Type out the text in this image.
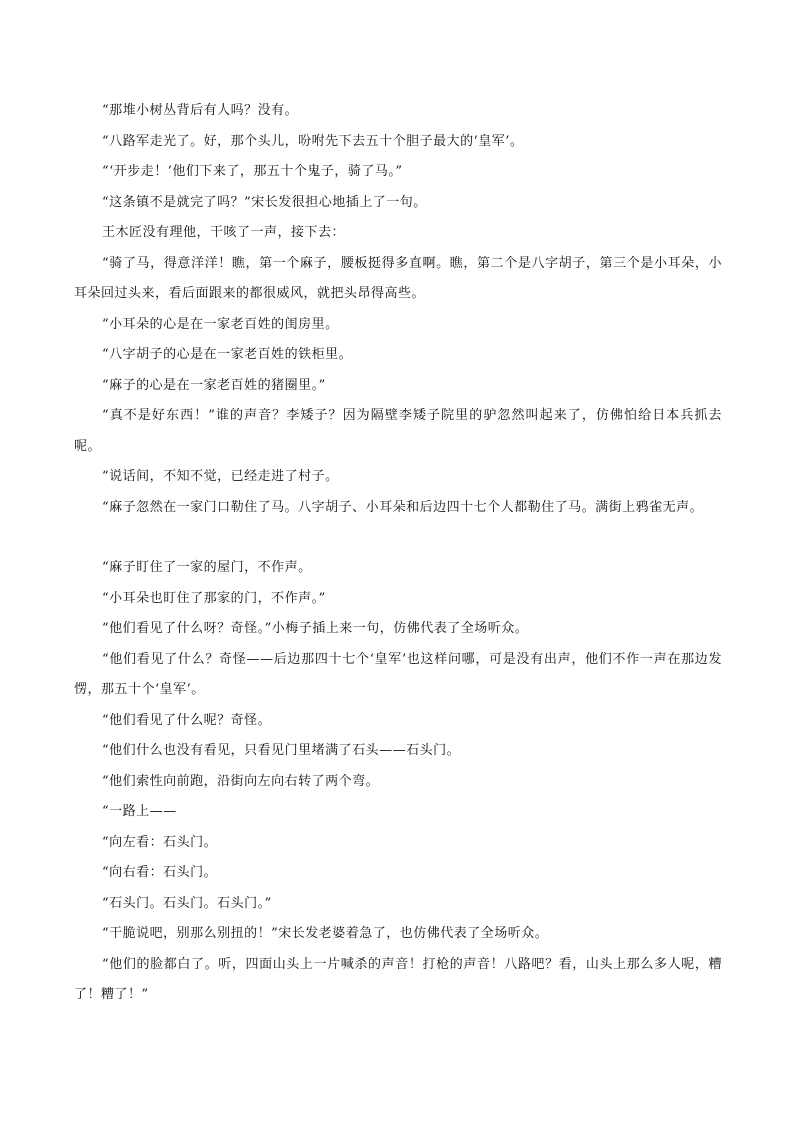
“那堆小树丛背后有人吗？没有。

“八路军走光了。好，那个头儿，吩咐先下去五十个胆子最大的‘皇军’。

“‘开步走！’他们下来了，那五十个鬼子，骑了马。”

“这条镇不是就完了吗？”宋长发很担心地插上了一句。

王木匠没有理他，干咳了一声，接下去：

“骑了马，得意洋洋！瞧，第一个麻子，腰板挺得多直啊。瞧，第二个是八字胡子，第三个是小耳朵，小耳朵回过头来，看后面跟来的都很威风，就把头昂得高些。

“小耳朵的心是在一家老百姓的闺房里。

“八字胡子的心是在一家老百姓的铁柜里。

“麻子的心是在一家老百姓的猪圈里。”

“真不是好东西！”谁的声音？李矮子？因为隔壁李矮子院里的驴忽然叫起来了，仿佛怕给日本兵抓去呢。

“说话间，不知不觉，已经走进了村子。

“麻子忽然在一家门口勒住了马。八字胡子、小耳朵和后边四十七个人都勒住了马。满街上鸦雀无声。

“麻子盯住了一家的屋门，不作声。

“小耳朵也盯住了那家的门，不作声。”

“他们看见了什么呀？奇怪。”小梅子插上来一句，仿佛代表了全场听众。

“他们看见了什么？奇怪——后边那四十七个‘皇军’也这样问哪，可是没有出声，他们不作一声在那边发愣，那五十个‘皇军’。

“他们看见了什么呢？奇怪。

“他们什么也没有看见，只看见门里堵满了石头——石头门。

“他们索性向前跑，沿街向左向右转了两个弯。

“一路上——

“向左看：石头门。

“向右看：石头门。

“石头门。石头门。石头门。”

“干脆说吧，别那么别扭的！”宋长发老婆着急了，也仿佛代表了全场听众。

“他们的脸都白了。听，四面山头上一片喊杀的声音！打枪的声音！八路吧？看，山头上那么多人呢，糟了！糟了！”
